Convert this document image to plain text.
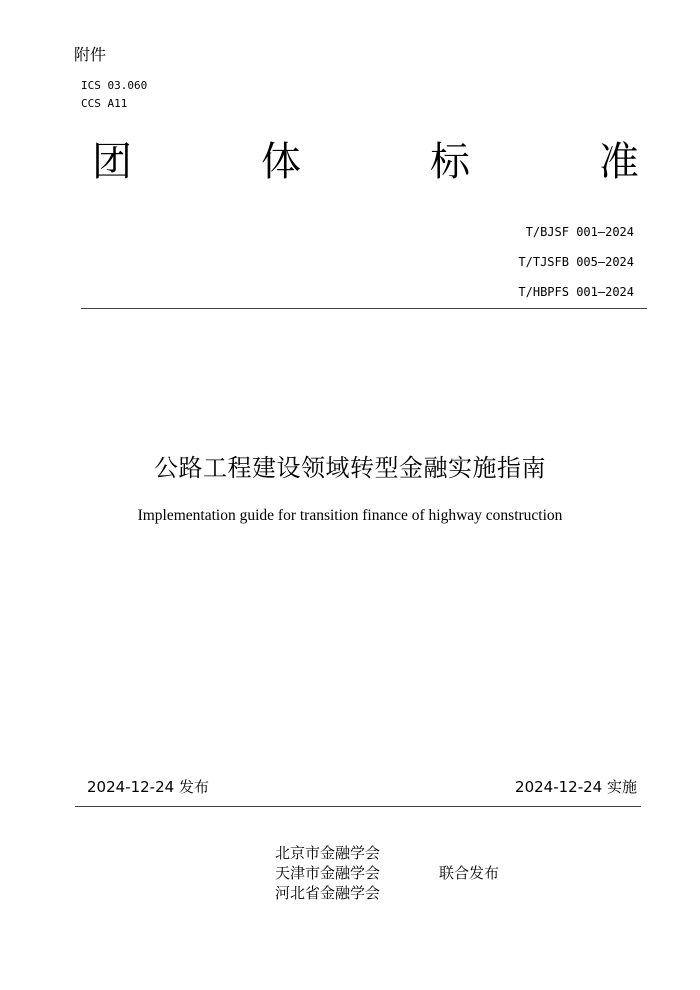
附件
ICS 03.060
CCS A11
团	体	标	准
T/BJSF 001—2024
T/TJSFB 005—2024
T/HBPFS 001—2024
公路工程建设领域转型金融实施指南
Implementation guide for transition finance of highway construction
2024-12-24 发布	2024-12-24 实施
北京市金融学会
天津市金融学会
河北省金融学会
联合发布
